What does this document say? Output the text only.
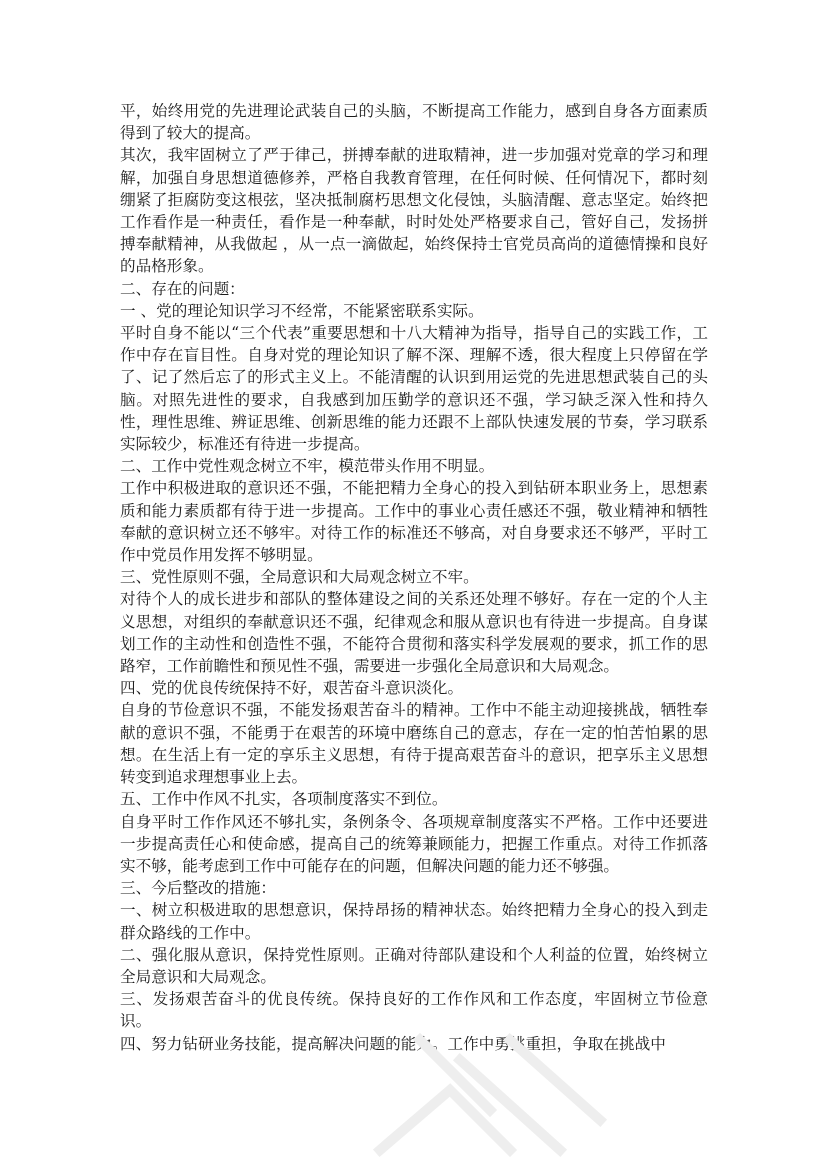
平，始终用党的先进理论武装自己的头脑，不断提高工作能力，感到自身各方面素质得到了较大的提高。

其次，我牢固树立了严于律己，拼搏奉献的进取精神，进一步加强对党章的学习和理解，加强自身思想道德修养，严格自我教育管理，在任何时候、任何情况下，都时刻绷紧了拒腐防变这根弦，坚决抵制腐朽思想文化侵蚀，头脑清醒、意志坚定。始终把工作看作是一种责任，看作是一种奉献，时时处处严格要求自己，管好自己，发扬拼搏奉献精神，从我做起 ，从一点一滴做起，始终保持士官党员高尚的道德情操和良好的品格形象。

二、存在的问题：

一 、党的理论知识学习不经常，不能紧密联系实际。

平时自身不能以“三个代表”重要思想和十八大精神为指导，指导自己的实践工作，工作中存在盲目性。自身对党的理论知识了解不深、理解不透，很大程度上只停留在学了、记了然后忘了的形式主义上。不能清醒的认识到用运党的先进思想武装自己的头脑。对照先进性的要求，自我感到加压勤学的意识还不强，学习缺乏深入性和持久性，理性思维、辨证思维、创新思维的能力还跟不上部队快速发展的节奏，学习联系实际较少，标准还有待进一步提高。

二、工作中党性观念树立不牢，模范带头作用不明显。

工作中积极进取的意识还不强，不能把精力全身心的投入到钻研本职业务上，思想素质和能力素质都有待于进一步提高。工作中的事业心责任感还不强，敬业精神和牺牲奉献的意识树立还不够牢。对待工作的标准还不够高，对自身要求还不够严，平时工作中党员作用发挥不够明显。

三、党性原则不强，全局意识和大局观念树立不牢。

对待个人的成长进步和部队的整体建设之间的关系还处理不够好。存在一定的个人主义思想，对组织的奉献意识还不强，纪律观念和服从意识也有待进一步提高。自身谋划工作的主动性和创造性不强，不能符合贯彻和落实科学发展观的要求，抓工作的思路窄，工作前瞻性和预见性不强，需要进一步强化全局意识和大局观念。

四、党的优良传统保持不好，艰苦奋斗意识淡化。

自身的节俭意识不强，不能发扬艰苦奋斗的精神。工作中不能主动迎接挑战，牺牲奉献的意识不强，不能勇于在艰苦的环境中磨练自己的意志，存在一定的怕苦怕累的思想。在生活上有一定的享乐主义思想，有待于提高艰苦奋斗的意识，把享乐主义思想转变到追求理想事业上去。

五、工作中作风不扎实，各项制度落实不到位。

自身平时工作作风还不够扎实，条例条令、各项规章制度落实不严格。工作中还要进一步提高责任心和使命感，提高自己的统筹兼顾能力，把握工作重点。对待工作抓落实不够，能考虑到工作中可能存在的问题，但解决问题的能力还不够强。

三、今后整改的措施：

一、树立积极进取的思想意识，保持昂扬的精神状态。始终把精力全身心的投入到走群众路线的工作中。

二、强化服从意识，保持党性原则。正确对待部队建设和个人利益的位置，始终树立全局意识和大局观念。

三、发扬艰苦奋斗的优良传统。保持良好的工作作风和工作态度，牢固树立节俭意识。

四、努力钻研业务技能，提高解决问题的能力。工作中勇挑重担，争取在挑战中
